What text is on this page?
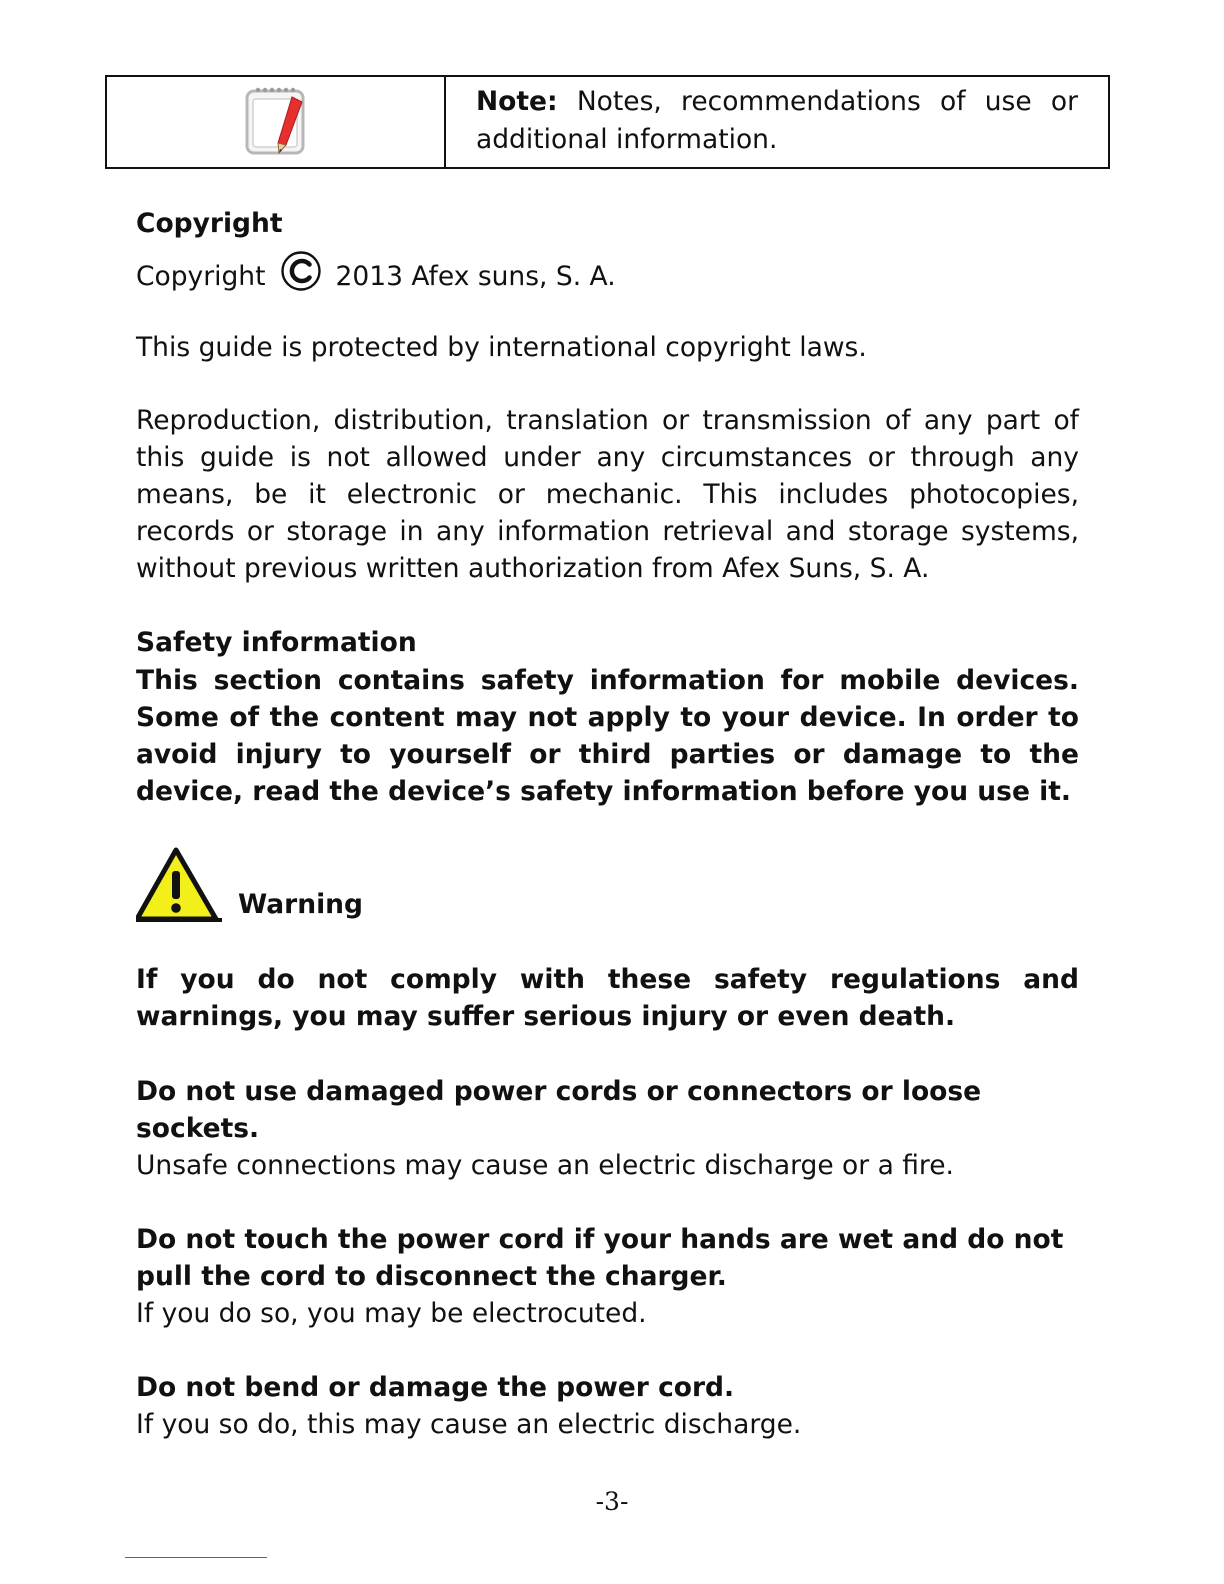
Note: Notes, recommendations of use or additional information.

Copyright

Copyright	2013 Afex suns, S. A.

This guide is protected by international copyright laws.

Reproduction, distribution, translation or transmission of any part of this guide is not allowed under any circumstances or through any means, be it electronic or mechanic. This includes photocopies, records or storage in any information retrieval and storage systems, without previous written authorization from Afex Suns, S. A.

Safety information

This section contains safety information for mobile devices. Some of the content may not apply to your device. In order to avoid injury to yourself or third parties or damage to the device, read the device’s safety information before you use it.

Warning

If you do not comply with these safety regulations and warnings, you may suffer serious injury or even death.

Do not use damaged power cords or connectors or loose sockets.

Unsafe connections may cause an electric discharge or a fire.

Do not touch the power cord if your hands are wet and do not pull the cord to disconnect the charger.

If you do so, you may be electrocuted.

Do not bend or damage the power cord.

If you so do, this may cause an electric discharge.

-3-
